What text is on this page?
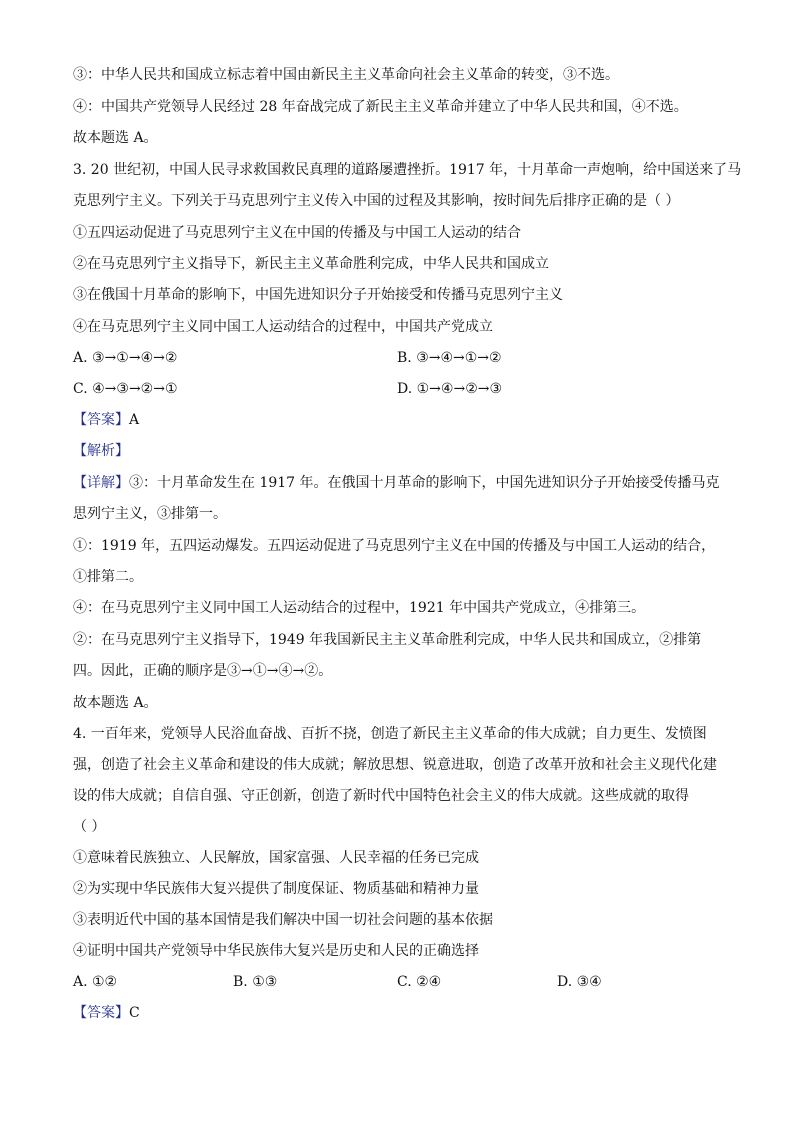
③：中华人民共和国成立标志着中国由新民主主义革命向社会主义革命的转变，③不选。
④：中国共产党领导人民经过 28 年奋战完成了新民主主义革命并建立了中华人民共和国，④不选。
故本题选 A。
3. 20 世纪初，中国人民寻求救国救民真理的道路屡遭挫折。1917 年，十月革命一声炮响，给中国送来了马
克思列宁主义。下列关于马克思列宁主义传入中国的过程及其影响，按时间先后排序正确的是（ ）
①五四运动促进了马克思列宁主义在中国的传播及与中国工人运动的结合
②在马克思列宁主义指导下，新民主主义革命胜利完成，中华人民共和国成立
③在俄国十月革命的影响下，中国先进知识分子开始接受和传播马克思列宁主义
④在马克思列宁主义同中国工人运动结合的过程中，中国共产党成立
A. ③→①→④→②	B. ③→④→①→②
C. ④→③→②→①	D. ①→④→②→③
【答案】A
【解析】
【详解】③：十月革命发生在 1917 年。在俄国十月革命的影响下，中国先进知识分子开始接受传播马克
思列宁主义，③排第一。
①：1919 年，五四运动爆发。五四运动促进了马克思列宁主义在中国的传播及与中国工人运动的结合，
①排第二。
④：在马克思列宁主义同中国工人运动结合的过程中，1921 年中国共产党成立，④排第三。
②：在马克思列宁主义指导下，1949 年我国新民主主义革命胜利完成，中华人民共和国成立，②排第
四。因此，正确的顺序是③→①→④→②。
故本题选 A。
4. 一百年来，党领导人民浴血奋战、百折不挠，创造了新民主主义革命的伟大成就；自力更生、发愤图
强，创造了社会主义革命和建设的伟大成就；解放思想、锐意进取，创造了改革开放和社会主义现代化建
设的伟大成就；自信自强、守正创新，创造了新时代中国特色社会主义的伟大成就。这些成就的取得
（ ）
①意味着民族独立、人民解放，国家富强、人民幸福的任务已完成
②为实现中华民族伟大复兴提供了制度保证、物质基础和精神力量
③表明近代中国的基本国情是我们解决中国一切社会问题的基本依据
④证明中国共产党领导中华民族伟大复兴是历史和人民的正确选择
A. ①②	B. ①③	C. ②④	D. ③④
【答案】C
